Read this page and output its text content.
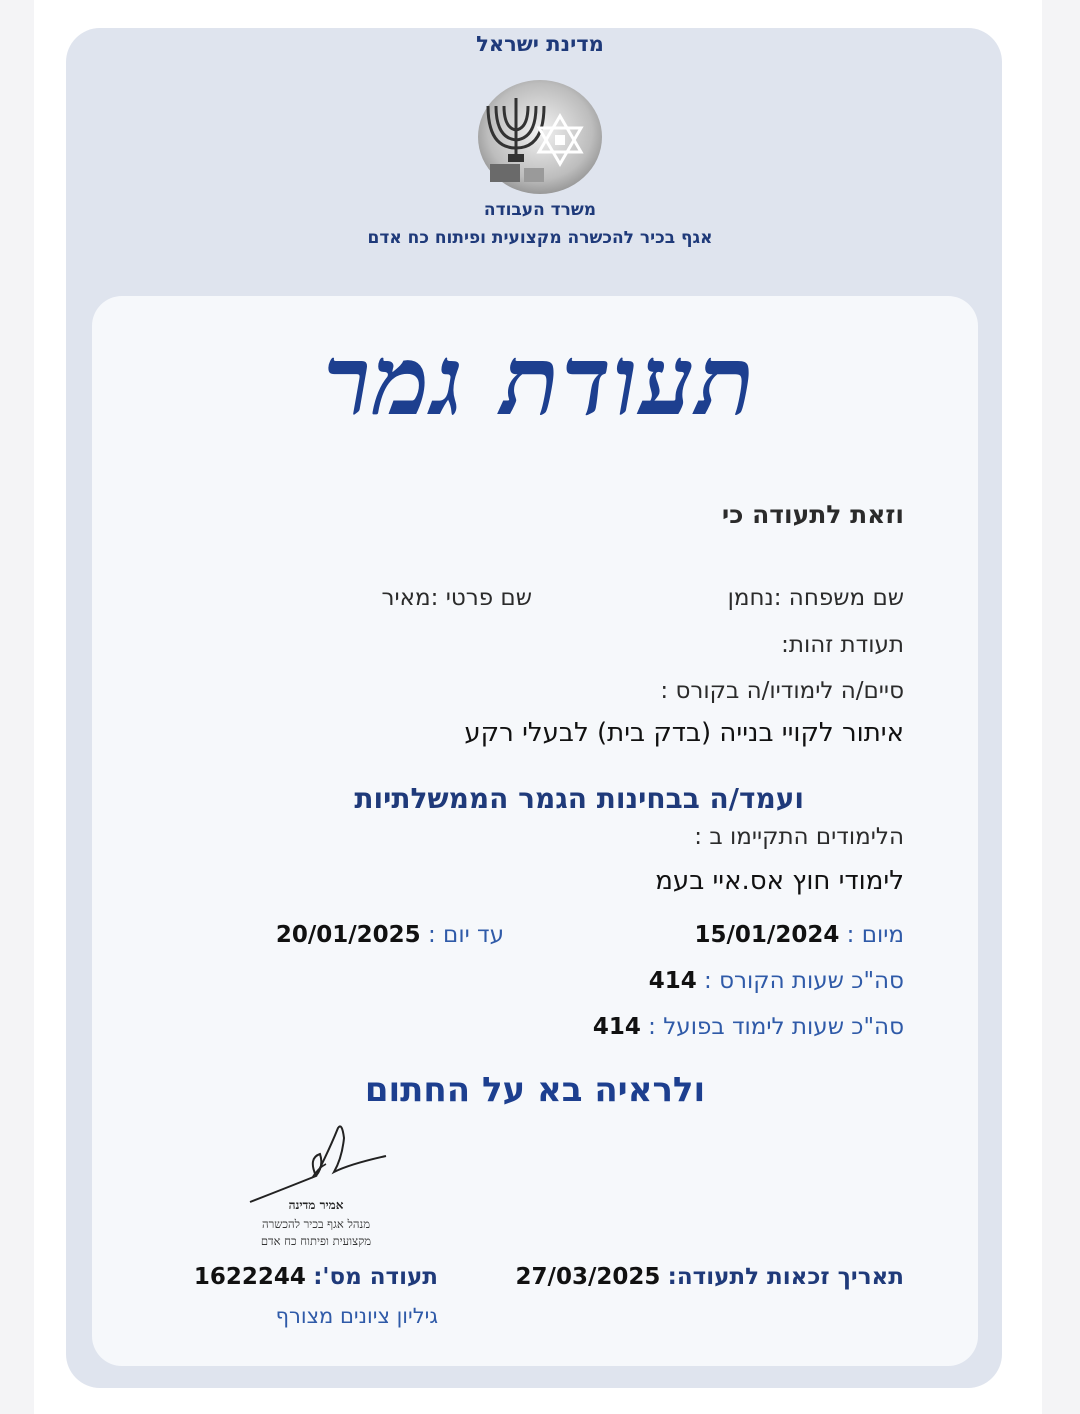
מדינת ישראל
משרד העבודה
אגף בכיר להכשרה מקצועית ופיתוח כח אדם
תעודת גמר
וזאת לתעודה כי
שם משפחה :נחמן
שם פרטי :מאיר
תעודת זהות:
סיים/ה לימודיו/ה בקורס :
איתור לקויי בנייה (בדק בית) לבעלי רקע
ועמד/ה בבחינות הגמר הממשלתיות
הלימודים התקיימו ב :
לימודי חוץ אס.איי בעמ
מיום : 15/01/2024
עד יום : 20/01/2025
סה"כ שעות הקורס : 414
סה"כ שעות לימוד בפועל : 414
ולראיה בא על החתום
אמיר מדינה
מנהל אגף בכיר להכשרה
מקצועית ופיתוח כח אדם
תאריך זכאות לתעודה: 27/03/2025
תעודה מס': 1622244
גיליון ציונים מצורף
